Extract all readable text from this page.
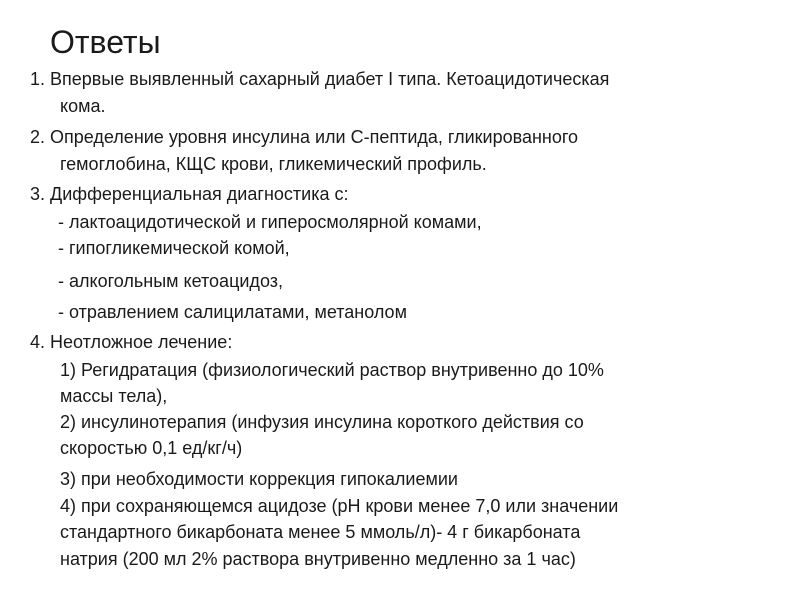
Ответы
1. Впервые выявленный сахарный диабет I типа. Кетоацидотическая
кома.
2. Определение уровня инсулина или С-пептида, гликированного
гемоглобина, КЩС крови, гликемический профиль.
3. Дифференциальная диагностика с:
- лактоацидотической и гиперосмолярной комами,
- гипогликемической комой,
- алкогольным кетоацидоз,
- отравлением салицилатами, метанолом
4. Неотложное лечение:
1) Регидратация (физиологический раствор внутривенно до 10%
массы тела),
2) инсулинотерапия (инфузия инсулина короткого действия со
скоростью 0,1 ед/кг/ч)
3) при необходимости коррекция гипокалиемии
4) при сохраняющемся ацидозе (рН крови менее 7,0 или значении
стандартного бикарбоната менее 5 ммоль/л)- 4 г бикарбоната
натрия (200 мл 2% раствора внутривенно медленно за 1 час)
